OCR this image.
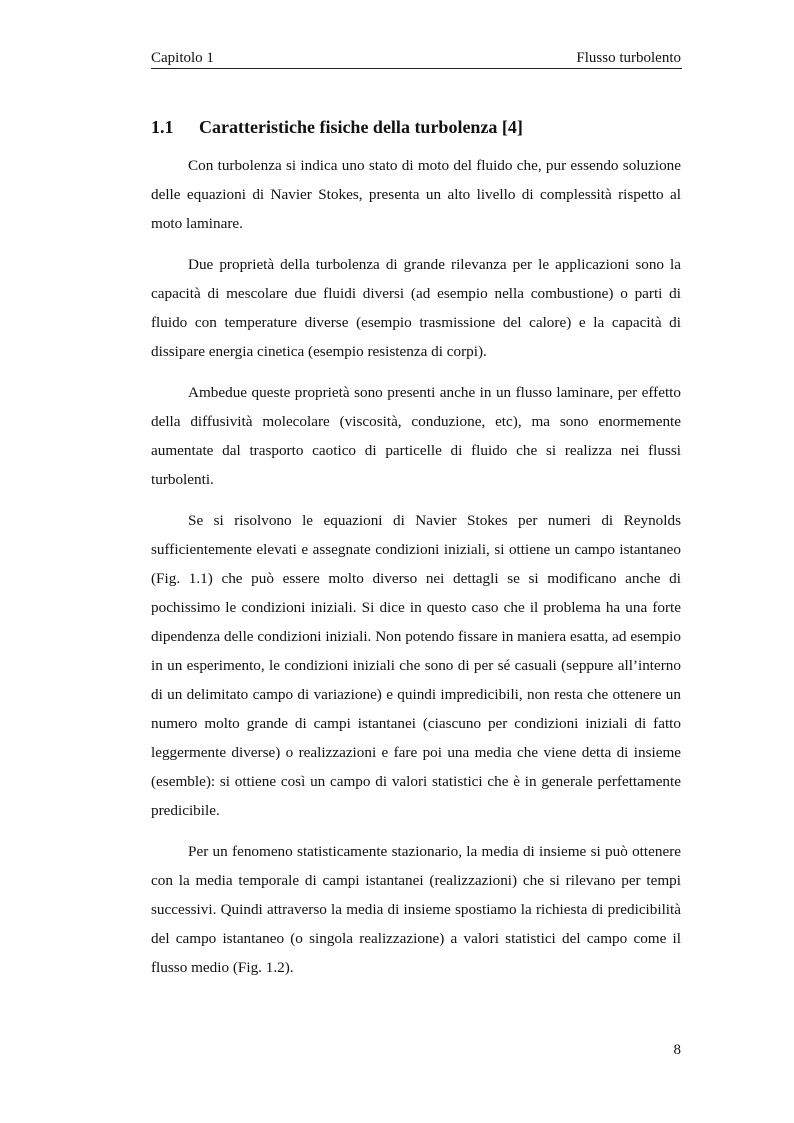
Capitolo 1	Flusso turbolento
1.1 Caratteristiche fisiche della turbolenza [4]

Con turbolenza si indica uno stato di moto del fluido che, pur essendo soluzione delle equazioni di Navier Stokes, presenta un alto livello di complessità rispetto al moto laminare.

Due proprietà della turbolenza di grande rilevanza per le applicazioni sono la capacità di mescolare due fluidi diversi (ad esempio nella combustione) o parti di fluido con temperature diverse (esempio trasmissione del calore) e la capacità di dissipare energia cinetica (esempio resistenza di corpi).

Ambedue queste proprietà sono presenti anche in un flusso laminare, per effetto della diffusività molecolare (viscosità, conduzione, etc), ma sono enormemente aumentate dal trasporto caotico di particelle di fluido che si realizza nei flussi turbolenti.

Se si risolvono le equazioni di Navier Stokes per numeri di Reynolds sufficientemente elevati e assegnate condizioni iniziali, si ottiene un campo istantaneo (Fig. 1.1) che può essere molto diverso nei dettagli se si modificano anche di pochissimo le condizioni iniziali. Si dice in questo caso che il problema ha una forte dipendenza delle condizioni iniziali. Non potendo fissare in maniera esatta, ad esempio in un esperimento, le condizioni iniziali che sono di per sé casuali (seppure all’interno di un delimitato campo di variazione) e quindi impredicibili, non resta che ottenere un numero molto grande di campi istantanei (ciascuno per condizioni iniziali di fatto leggermente diverse) o realizzazioni e fare poi una media che viene detta di insieme (esemble): si ottiene così un campo di valori statistici che è in generale perfettamente predicibile.

Per un fenomeno statisticamente stazionario, la media di insieme si può ottenere con la media temporale di campi istantanei (realizzazioni) che si rilevano per tempi successivi. Quindi attraverso la media di insieme spostiamo la richiesta di predicibilità del campo istantaneo (o singola realizzazione) a valori statistici del campo come il flusso medio (Fig. 1.2).

8
